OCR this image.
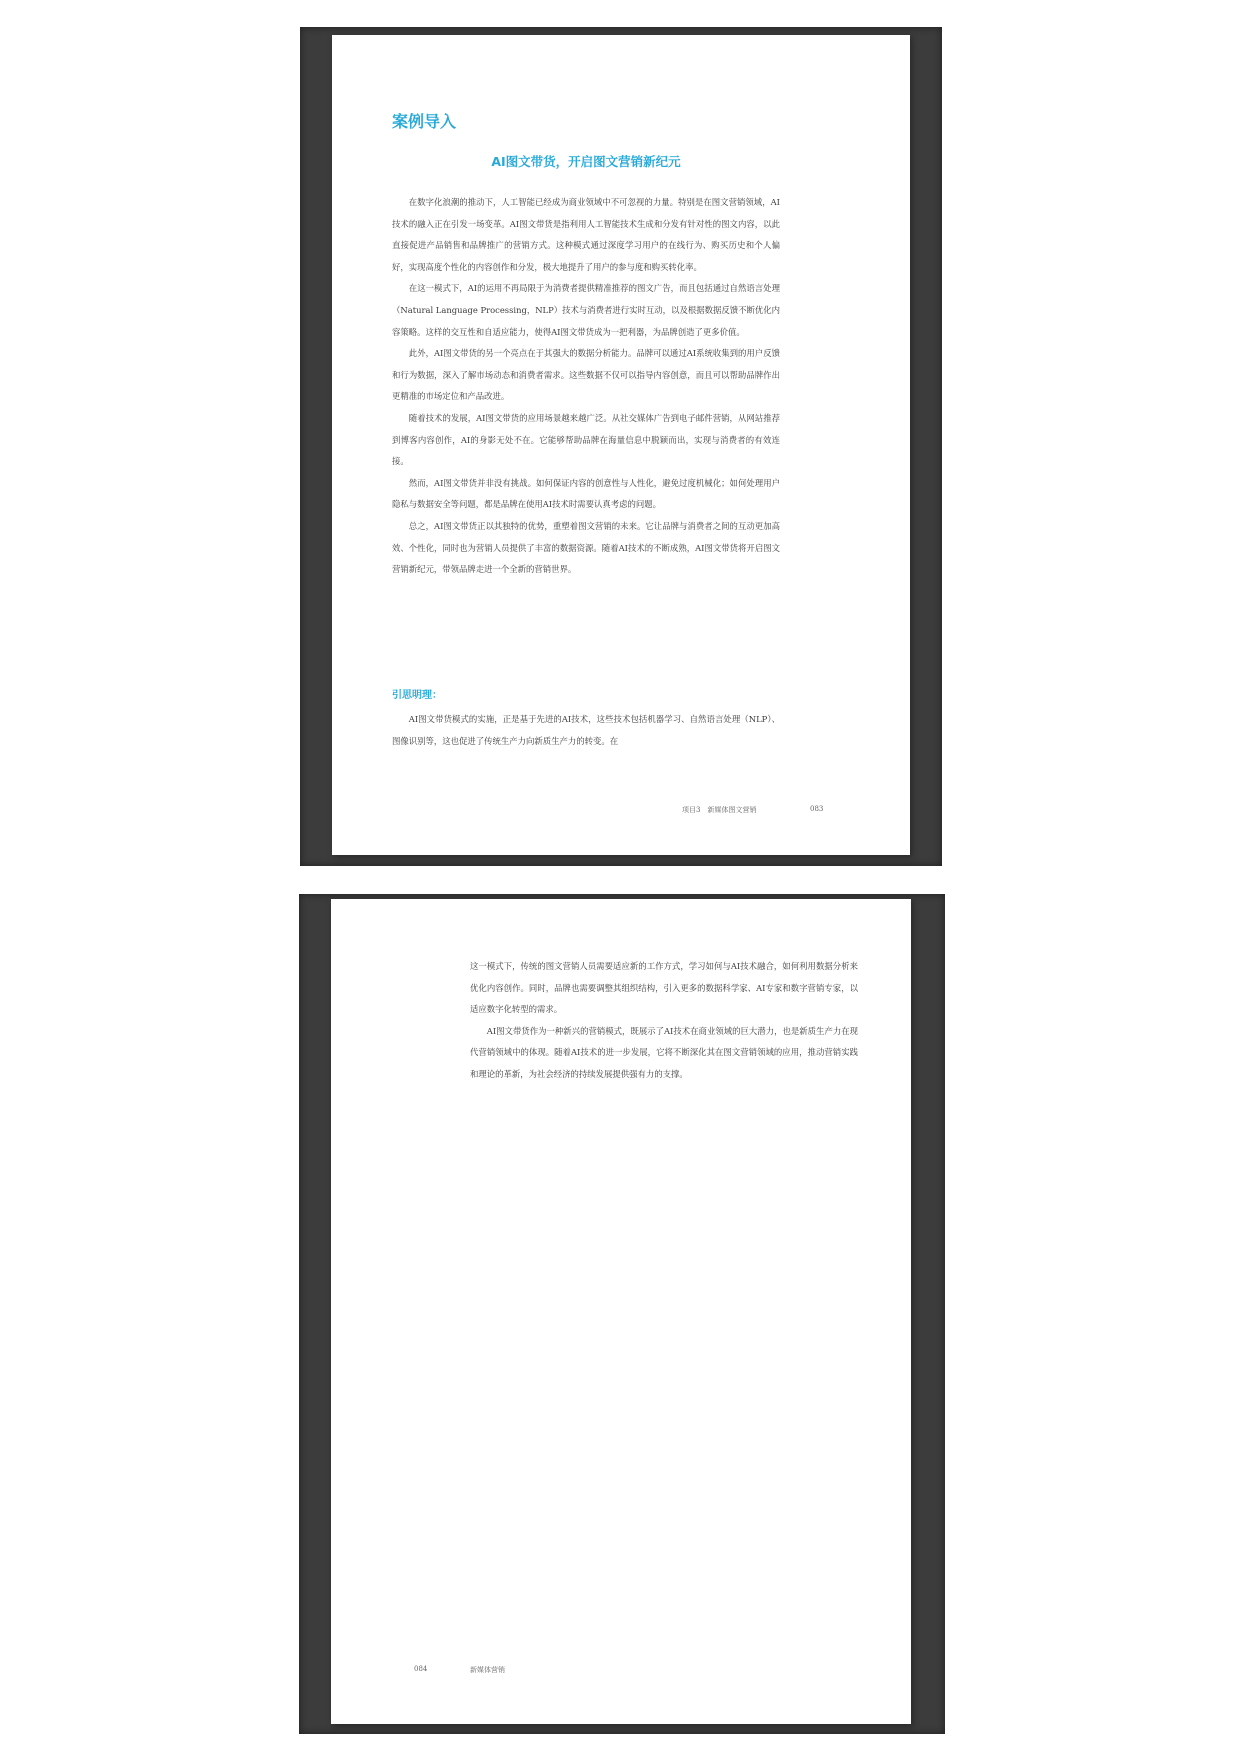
案例导入
AI图文带货，开启图文营销新纪元

在数字化浪潮的推动下，人工智能已经成为商业领域中不可忽视的力量。特别是在图文营销领域，AI技术的融入正在引发一场变革。AI图文带货是指利用人工智能技术生成和分发有针对性的图文内容，以此直接促进产品销售和品牌推广的营销方式。这种模式通过深度学习用户的在线行为、购买历史和个人偏好，实现高度个性化的内容创作和分发，极大地提升了用户的参与度和购买转化率。

在这一模式下，AI的运用不再局限于为消费者提供精准推荐的图文广告，而且包括通过自然语言处理（Natural Language Processing，NLP）技术与消费者进行实时互动，以及根据数据反馈不断优化内容策略。这样的交互性和自适应能力，使得AI图文带货成为一把利器，为品牌创造了更多价值。

此外，AI图文带货的另一个亮点在于其强大的数据分析能力。品牌可以通过AI系统收集到的用户反馈和行为数据，深入了解市场动态和消费者需求。这些数据不仅可以指导内容创意，而且可以帮助品牌作出更精准的市场定位和产品改进。

随着技术的发展，AI图文带货的应用场景越来越广泛。从社交媒体广告到电子邮件营销，从网站推荐到博客内容创作，AI的身影无处不在。它能够帮助品牌在海量信息中脱颖而出，实现与消费者的有效连接。

然而，AI图文带货并非没有挑战。如何保证内容的创意性与人性化，避免过度机械化；如何处理用户隐私与数据安全等问题，都是品牌在使用AI技术时需要认真考虑的问题。

总之，AI图文带货正以其独特的优势，重塑着图文营销的未来。它让品牌与消费者之间的互动更加高效、个性化，同时也为营销人员提供了丰富的数据资源。随着AI技术的不断成熟，AI图文带货将开启图文营销新纪元，带领品牌走进一个全新的营销世界。

引思明理：

AI图文带货模式的实施，正是基于先进的AI技术，这些技术包括机器学习、自然语言处理（NLP）、图像识别等，这也促进了传统生产力向新质生产力的转变。在

项目3　新媒体图文营销	083

这一模式下，传统的图文营销人员需要适应新的工作方式，学习如何与AI技术融合，如何利用数据分析来优化内容创作。同时，品牌也需要调整其组织结构，引入更多的数据科学家、AI专家和数字营销专家，以适应数字化转型的需求。

AI图文带货作为一种新兴的营销模式，既展示了AI技术在商业领域的巨大潜力，也是新质生产力在现代营销领域中的体现。随着AI技术的进一步发展，它将不断深化其在图文营销领域的应用，推动营销实践和理论的革新，为社会经济的持续发展提供强有力的支撑。

084	新媒体营销
